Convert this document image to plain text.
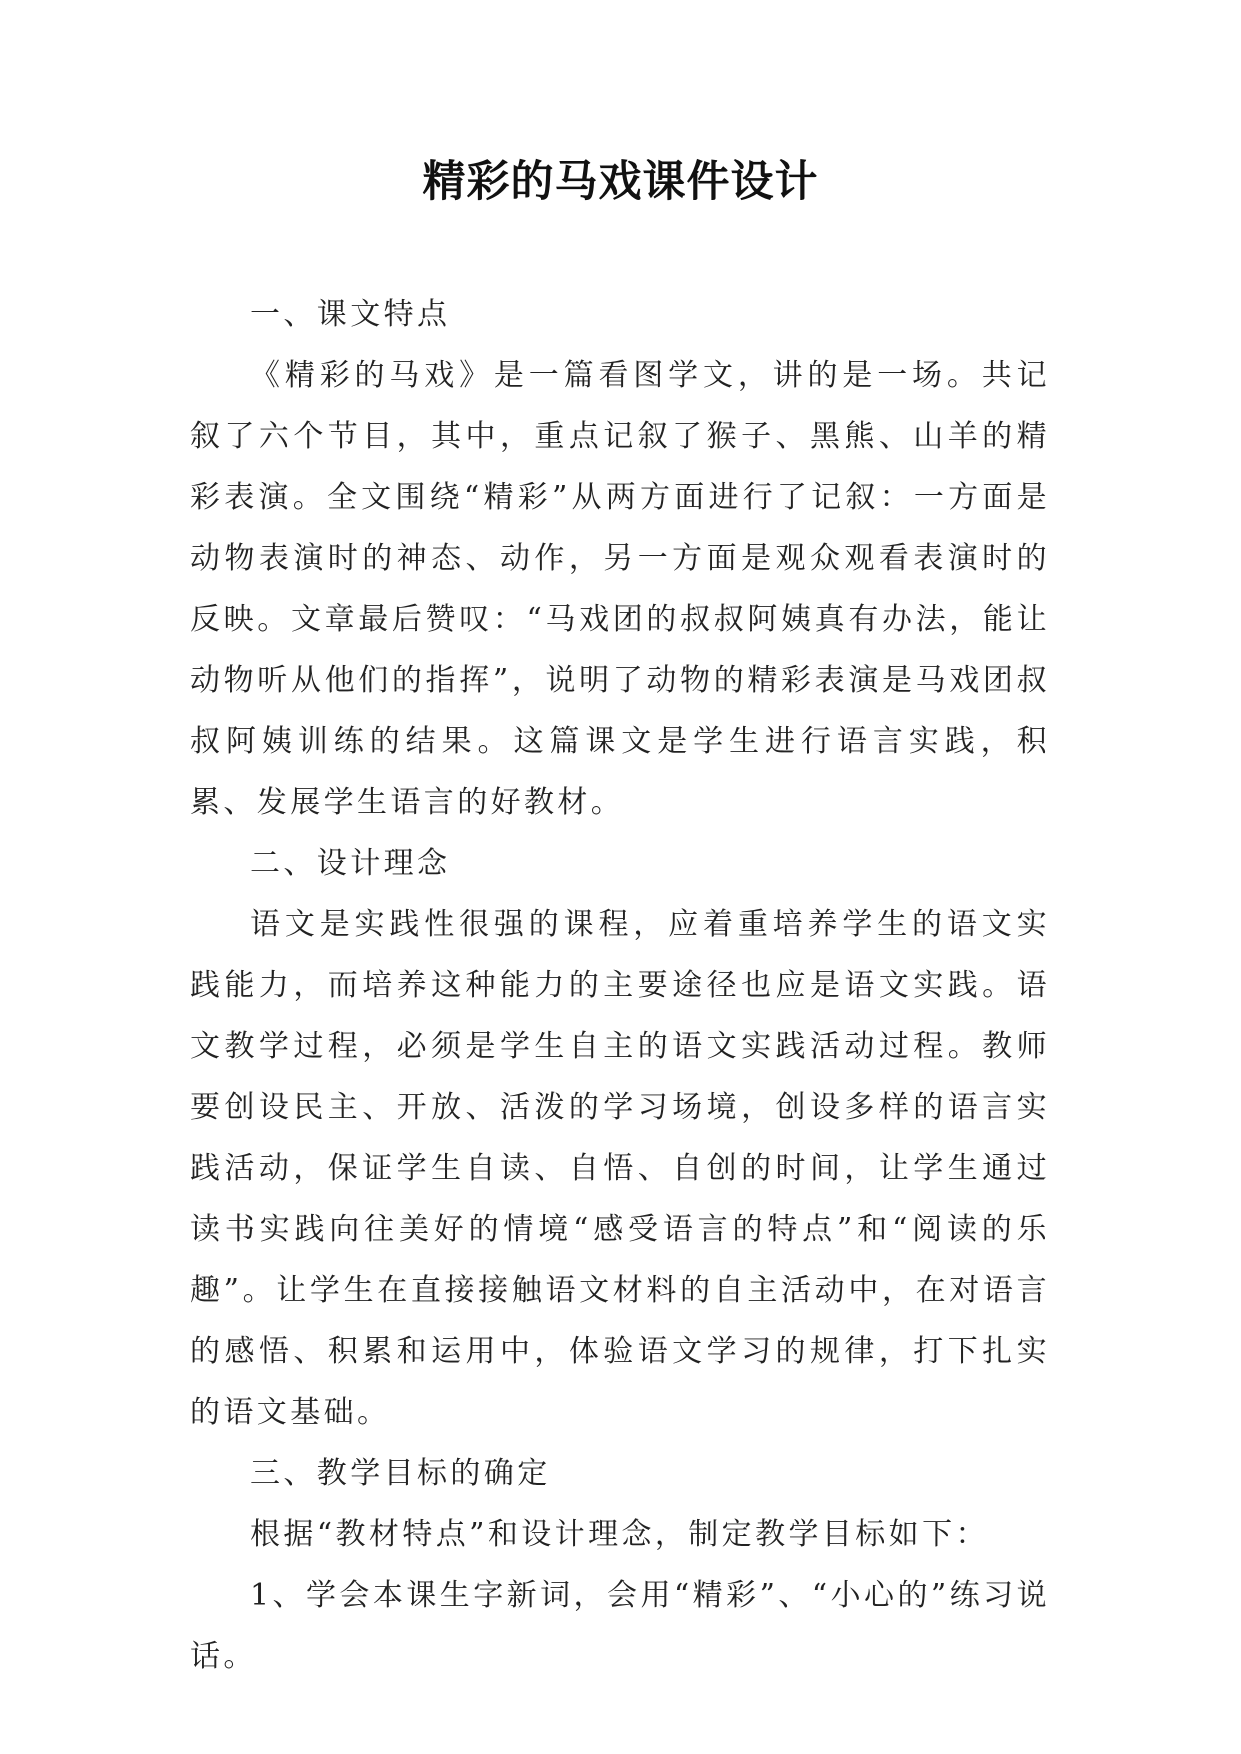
精彩的马戏课件设计

一、课文特点

《精彩的马戏》是一篇看图学文，讲的是一场。共记叙了六个节目，其中，重点记叙了猴子、黑熊、山羊的精彩表演。全文围绕“精彩”从两方面进行了记叙：一方面是动物表演时的神态、动作，另一方面是观众观看表演时的反映。文章最后赞叹：“马戏团的叔叔阿姨真有办法，能让动物听从他们的指挥”，说明了动物的精彩表演是马戏团叔叔阿姨训练的结果。这篇课文是学生进行语言实践，积累、发展学生语言的好教材。

二、设计理念

语文是实践性很强的课程，应着重培养学生的语文实践能力，而培养这种能力的主要途径也应是语文实践。语文教学过程，必须是学生自主的语文实践活动过程。教师要创设民主、开放、活泼的学习场境，创设多样的语言实践活动，保证学生自读、自悟、自创的时间，让学生通过读书实践向往美好的情境“感受语言的特点”和“阅读的乐趣”。让学生在直接接触语文材料的自主活动中，在对语言的感悟、积累和运用中，体验语文学习的规律，打下扎实的语文基础。

三、教学目标的确定

根据“教材特点”和设计理念，制定教学目标如下：

1、学会本课生字新词，会用“精彩”、“小心的”练习说话。
